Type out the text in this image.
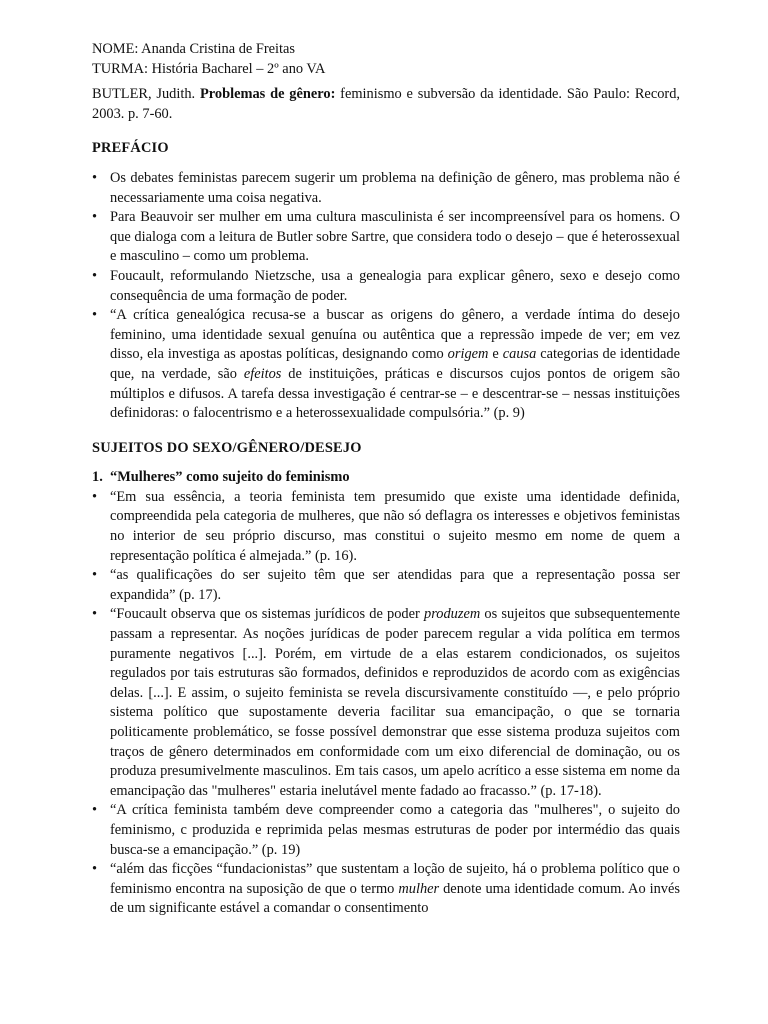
NOME: Ananda Cristina de Freitas

TURMA: História Bacharel – 2º ano VA

BUTLER, Judith. Problemas de gênero: feminismo e subversão da identidade. São Paulo: Record, 2003. p. 7-60.

PREFÁCIO

• Os debates feministas parecem sugerir um problema na definição de gênero, mas problema não é necessariamente uma coisa negativa.
• Para Beauvoir ser mulher em uma cultura masculinista é ser incompreensível para os homens. O que dialoga com a leitura de Butler sobre Sartre, que considera todo o desejo – que é heterossexual e masculino – como um problema.
• Foucault, reformulando Nietzsche, usa a genealogia para explicar gênero, sexo e desejo como consequência de uma formação de poder.
• “A crítica genealógica recusa-se a buscar as origens do gênero, a verdade íntima do desejo feminino, uma identidade sexual genuína ou autêntica que a repressão impede de ver; em vez disso, ela investiga as apostas políticas, designando como origem e causa categorias de identidade que, na verdade, são efeitos de instituições, práticas e discursos cujos pontos de origem são múltiplos e difusos. A tarefa dessa investigação é centrar-se – e descentrar-se – nessas instituições definidoras: o falocentrismo e a heterossexualidade compulsória.” (p. 9)

SUJEITOS DO SEXO/GÊNERO/DESEJO

1. “Mulheres” como sujeito do feminismo

• “Em sua essência, a teoria feminista tem presumido que existe uma identidade definida, compreendida pela categoria de mulheres, que não só deflagra os interesses e objetivos feministas no interior de seu próprio discurso, mas constitui o sujeito mesmo em nome de quem a representação política é almejada.” (p. 16).
• “as qualificações do ser sujeito têm que ser atendidas para que a representação possa ser expandida” (p. 17).
• “Foucault observa que os sistemas jurídicos de poder produzem os sujeitos que subsequentemente passam a representar. As noções jurídicas de poder parecem regular a vida política em termos puramente negativos [...]. Porém, em virtude de a elas estarem condicionados, os sujeitos regulados por tais estruturas são formados, definidos e reproduzidos de acordo com as exigências delas. [...]. E assim, o sujeito feminista se revela discursivamente constituído —, e pelo próprio sistema político que supostamente deveria facilitar sua emancipação, o que se tornaria politicamente problemático, se fosse possível demonstrar que esse sistema produza sujeitos com traços de gênero determinados em conformidade com um eixo diferencial de dominação, ou os produza presumivelmente masculinos. Em tais casos, um apelo acrítico a esse sistema em nome da emancipação das "mulheres" estaria inelutável mente fadado ao fracasso.” (p. 17-18).
• “A crítica feminista também deve compreender como a categoria das "mulheres", o sujeito do feminismo, c produzida e reprimida pelas mesmas estruturas de poder por intermédio das quais busca-se a emancipação.” (p. 19)
• “além das ficções “fundacionistas” que sustentam a loção de sujeito, há o problema político que o feminismo encontra na suposição de que o termo mulher denote uma identidade comum. Ao invés de um significante estável a comandar o consentimento
